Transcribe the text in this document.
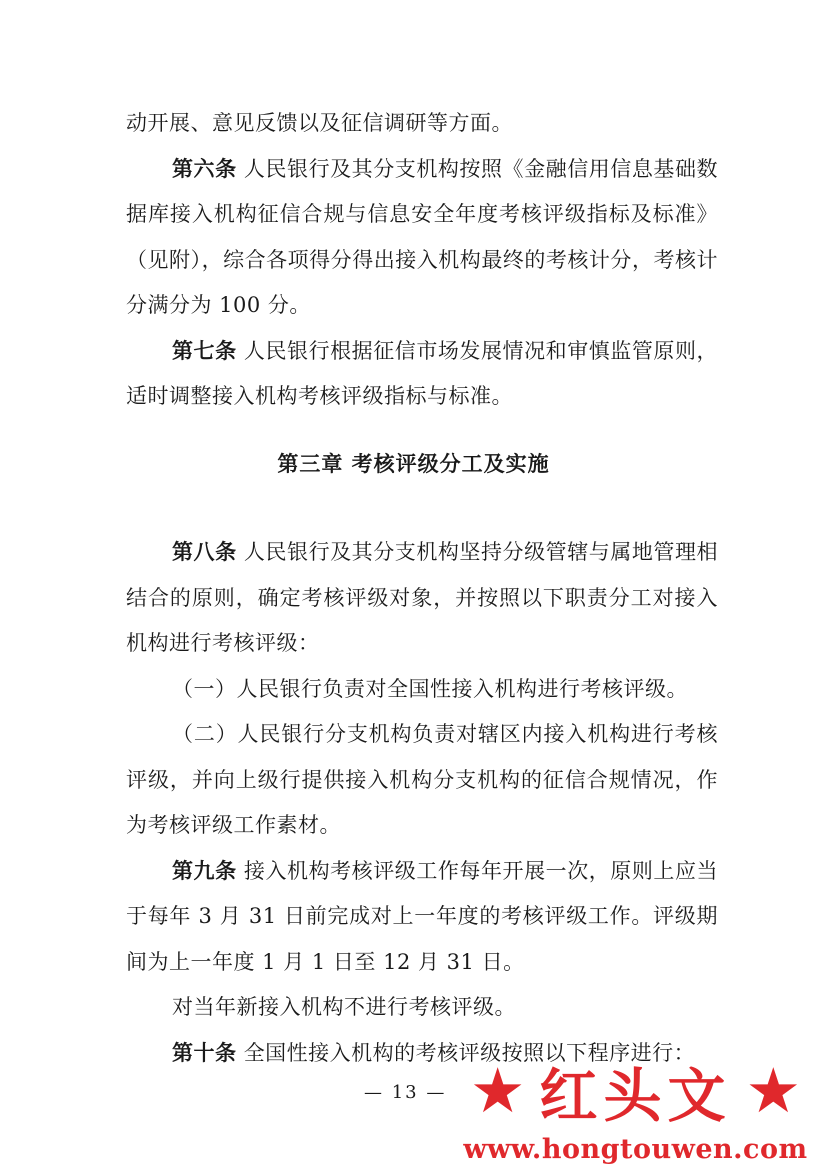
动开展、意见反馈以及征信调研等方面。

第六条 人民银行及其分支机构按照《金融信用信息基础数据库接入机构征信合规与信息安全年度考核评级指标及标准》（见附），综合各项得分得出接入机构最终的考核计分，考核计分满分为 100 分。

第七条 人民银行根据征信市场发展情况和审慎监管原则，适时调整接入机构考核评级指标与标准。

第三章 考核评级分工及实施

第八条 人民银行及其分支机构坚持分级管辖与属地管理相结合的原则，确定考核评级对象，并按照以下职责分工对接入机构进行考核评级：

（一）人民银行负责对全国性接入机构进行考核评级。

（二）人民银行分支机构负责对辖区内接入机构进行考核评级，并向上级行提供接入机构分支机构的征信合规情况，作为考核评级工作素材。

第九条 接入机构考核评级工作每年开展一次，原则上应当于每年 3 月 31 日前完成对上一年度的考核评级工作。评级期间为上一年度 1 月 1 日至 12 月 31 日。

对当年新接入机构不进行考核评级。

第十条 全国性接入机构的考核评级按照以下程序进行：

— 13 — ★ 红头文 ★
www.hongtouwen.com
